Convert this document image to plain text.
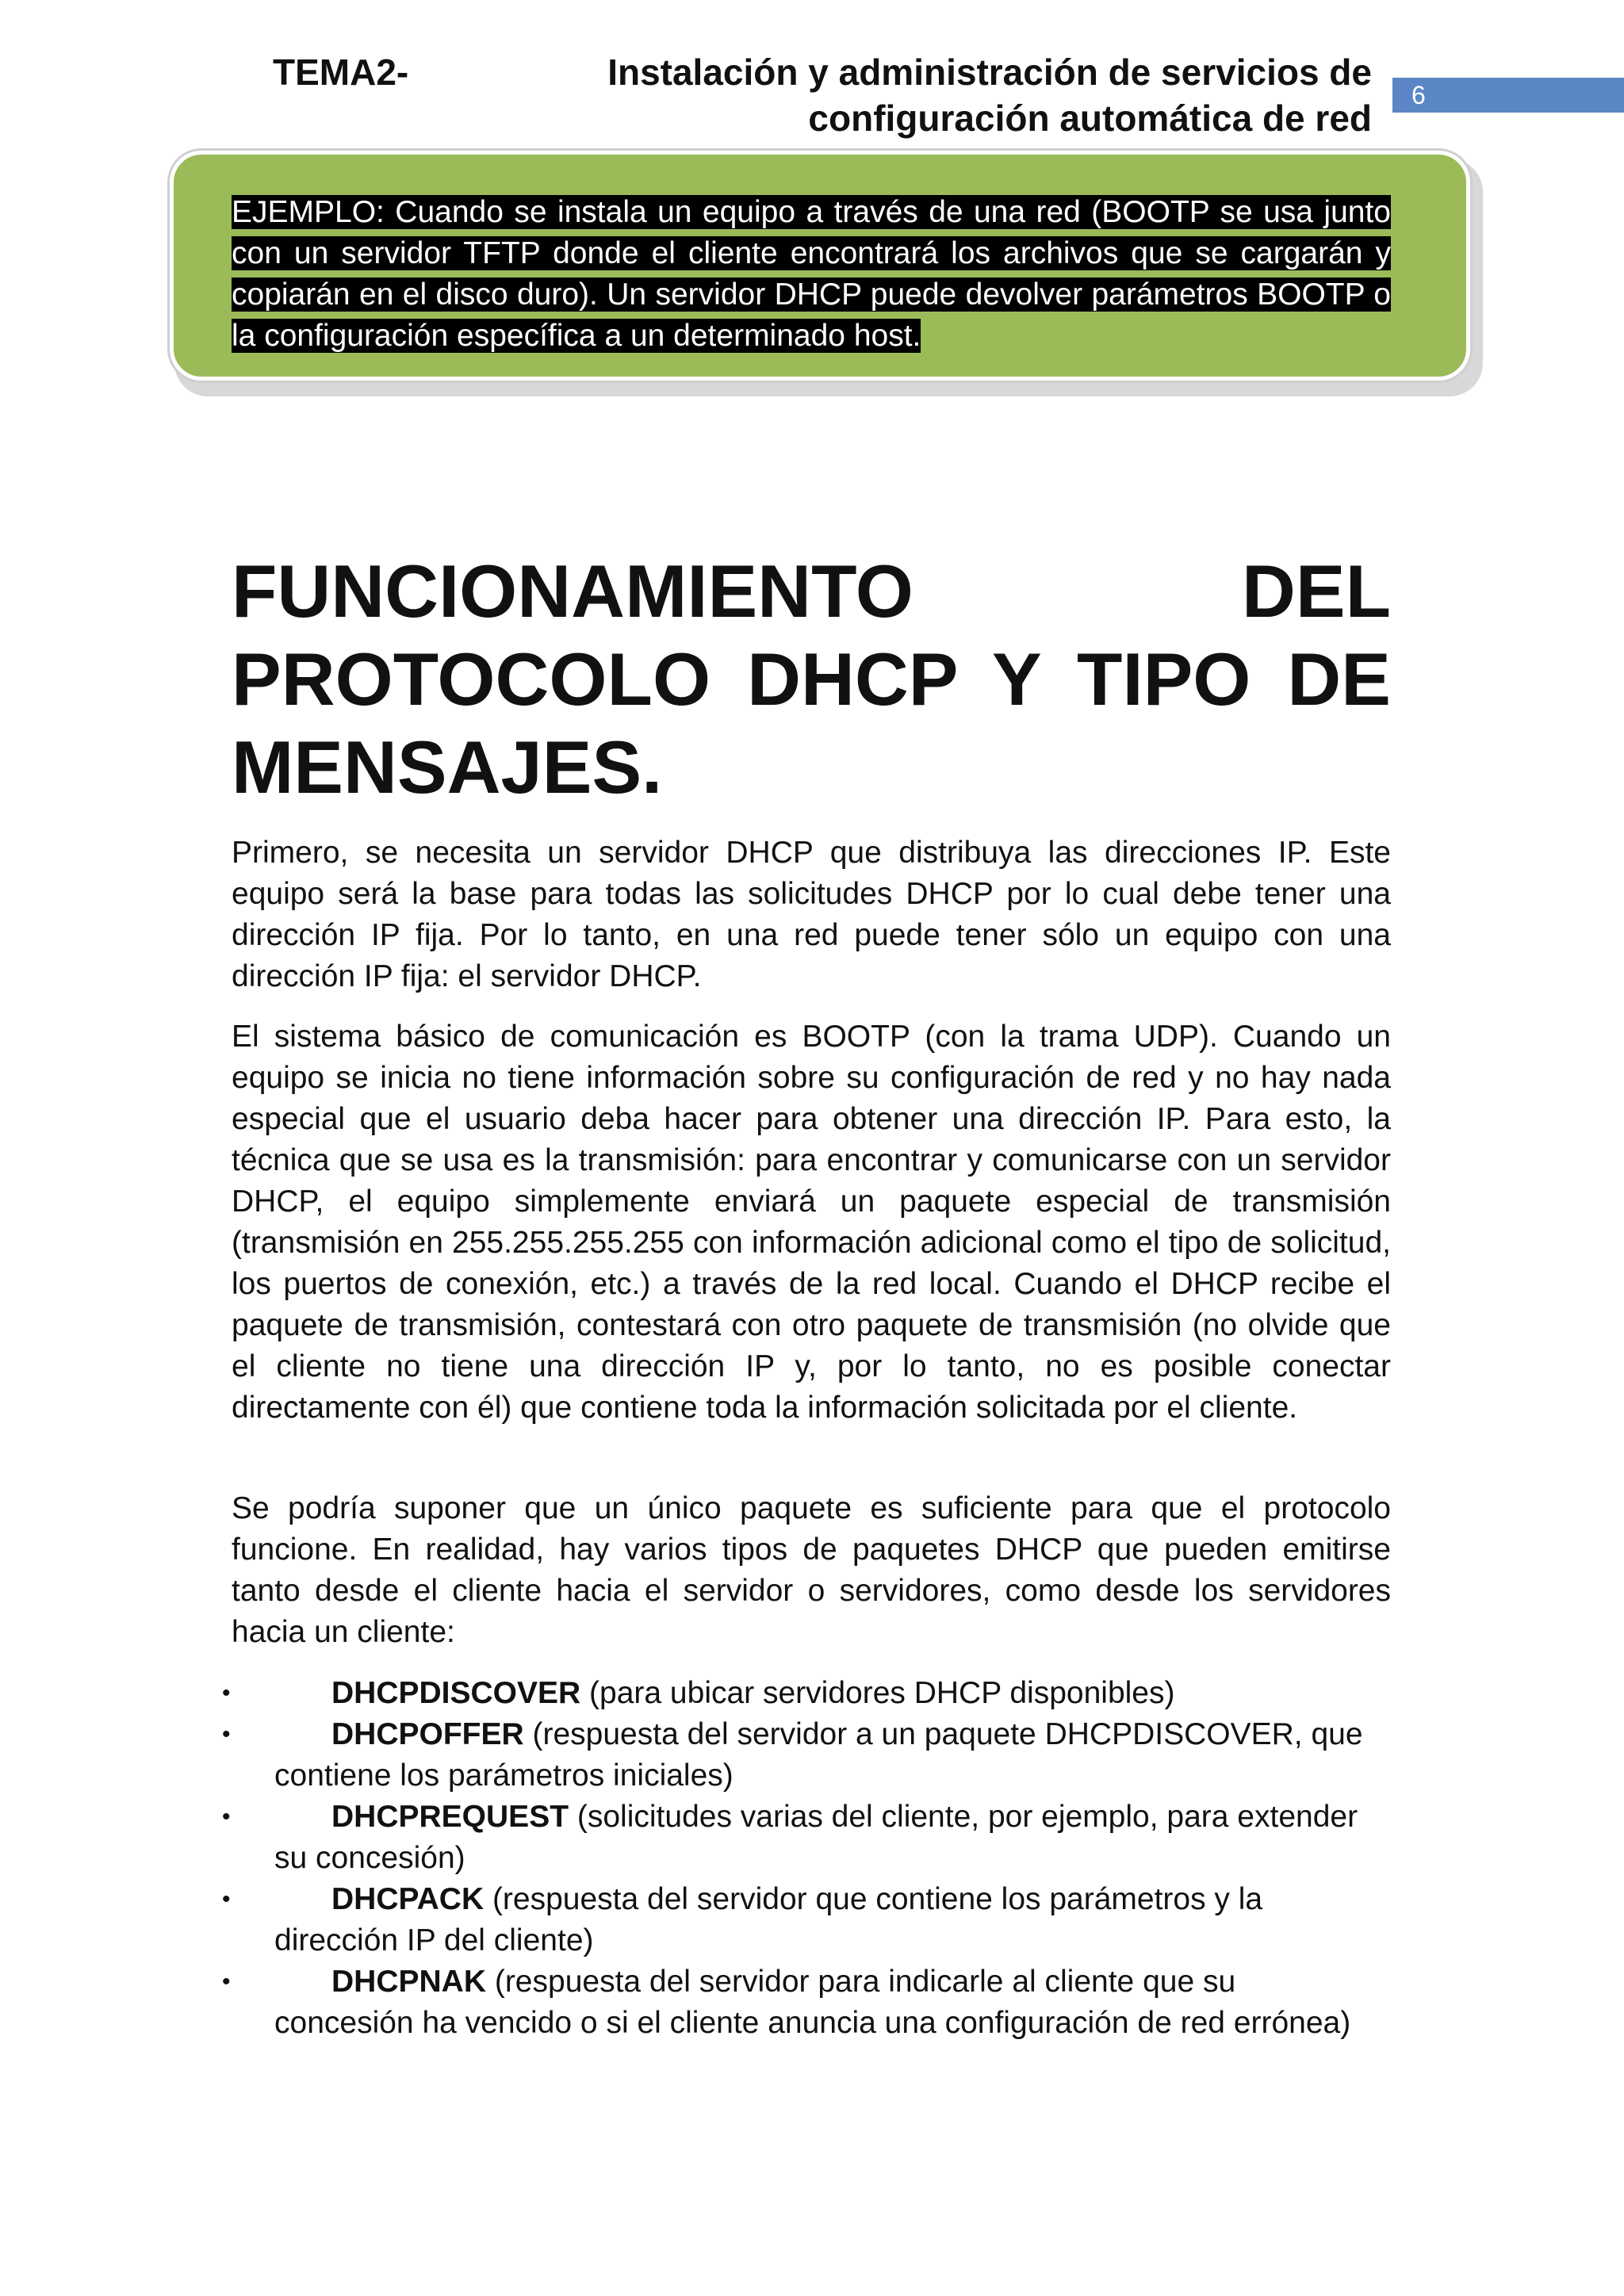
TEMA2-	Instalación y administración de servicios de
configuración automática de red
6
EJEMPLO: Cuando se instala un equipo a través de una red (BOOTP se usa junto con un servidor TFTP donde el cliente encontrará los archivos que se cargarán y copiarán en el disco duro). Un servidor DHCP puede devolver parámetros BOOTP o la configuración específica a un determinado host.
FUNCIONAMIENTO DEL
PROTOCOLO DHCP Y TIPO DE
MENSAJES.

Primero, se necesita un servidor DHCP que distribuya las direcciones IP. Este equipo será la base para todas las solicitudes DHCP por lo cual debe tener una dirección IP fija. Por lo tanto, en una red puede tener sólo un equipo con una dirección IP fija: el servidor DHCP.

El sistema básico de comunicación es BOOTP (con la trama UDP). Cuando un equipo se inicia no tiene información sobre su configuración de red y no hay nada especial que el usuario deba hacer para obtener una dirección IP. Para esto, la técnica que se usa es la transmisión: para encontrar y comunicarse con un servidor DHCP, el equipo simplemente enviará un paquete especial de transmisión (transmisión en 255.255.255.255 con información adicional como el tipo de solicitud, los puertos de conexión, etc.) a través de la red local. Cuando el DHCP recibe el paquete de transmisión, contestará con otro paquete de transmisión (no olvide que el cliente no tiene una dirección IP y, por lo tanto, no es posible conectar directamente con él) que contiene toda la información solicitada por el cliente.

Se podría suponer que un único paquete es suficiente para que el protocolo funcione. En realidad, hay varios tipos de paquetes DHCP que pueden emitirse tanto desde el cliente hacia el servidor o servidores, como desde los servidores hacia un cliente:

•	DHCPDISCOVER (para ubicar servidores DHCP disponibles)
•	DHCPOFFER (respuesta del servidor a un paquete DHCPDISCOVER, que contiene los parámetros iniciales)
•	DHCPREQUEST (solicitudes varias del cliente, por ejemplo, para extender su concesión)
•	DHCPACK (respuesta del servidor que contiene los parámetros y la dirección IP del cliente)
•	DHCPNAK (respuesta del servidor para indicarle al cliente que su concesión ha vencido o si el cliente anuncia una configuración de red errónea)
